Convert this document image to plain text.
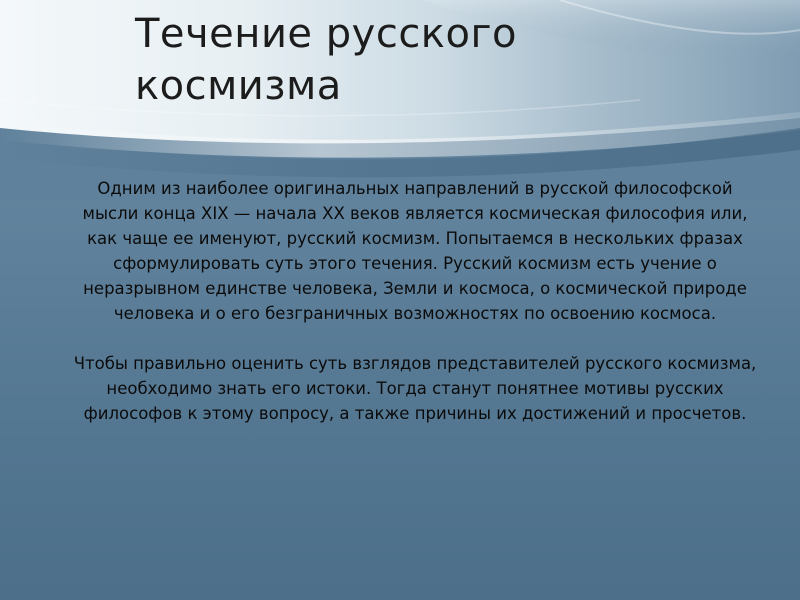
Течение русского
космизма

Одним из наиболее оригинальных направлений в русской философской мысли конца XIX — начала XX веков является космическая философия или, как чаще ее именуют, русский космизм. Попытаемся в нескольких фразах сформулировать суть этого течения. Русский космизм есть учение о неразрывном единстве человека, Земли и космоса, о космической природе человека и о его безграничных возможностях по освоению космоса.

Чтобы правильно оценить суть взглядов представителей русского космизма, необходимо знать его истоки. Тогда станут понятнее мотивы русских философов к этому вопросу, а также причины их достижений и просчетов.
